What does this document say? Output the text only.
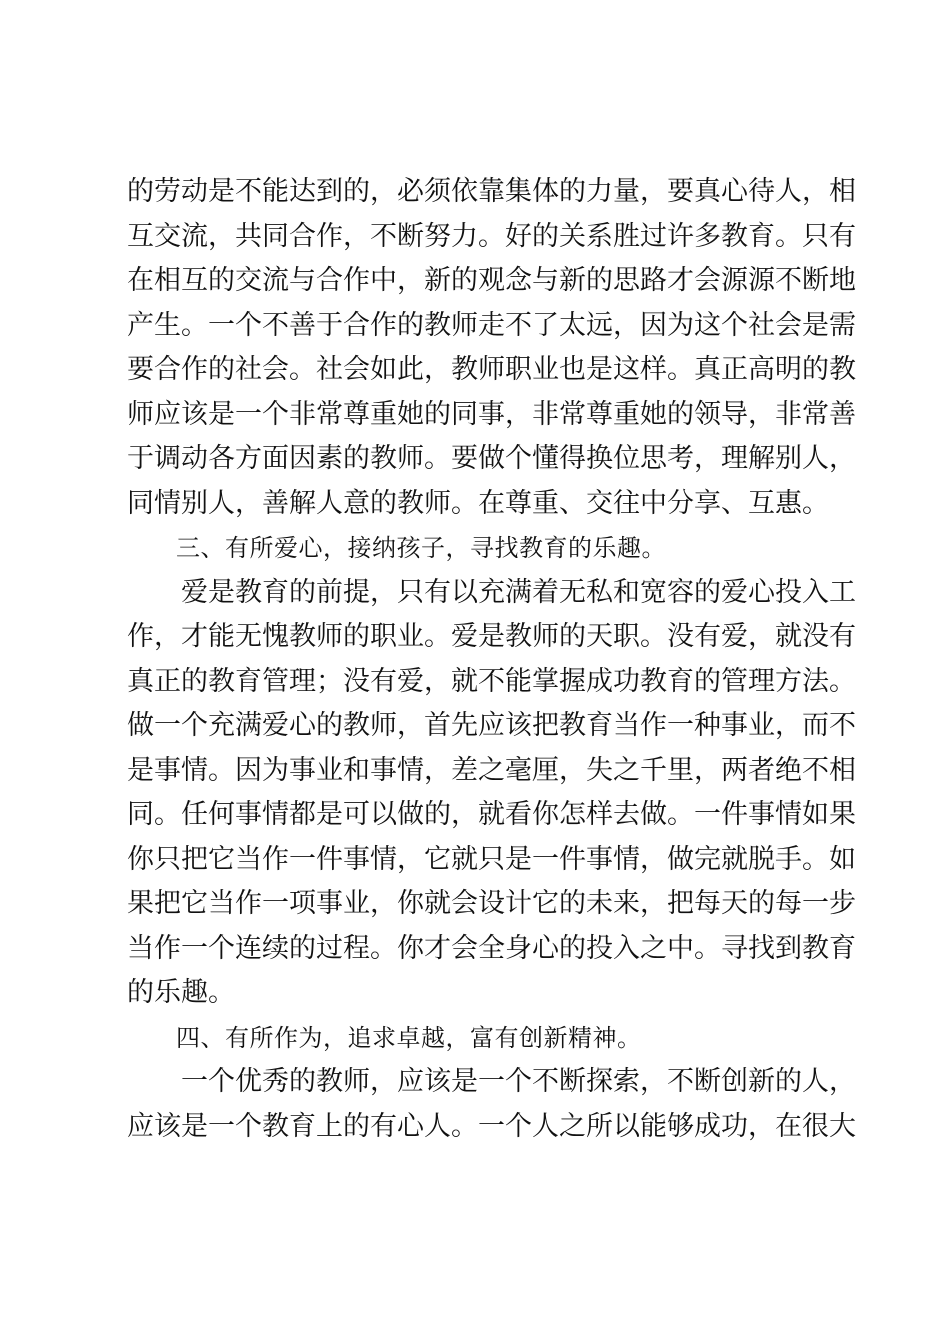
的劳动是不能达到的，必须依靠集体的力量，要真心待人，相
互交流，共同合作，不断努力。好的关系胜过许多教育。只有
在相互的交流与合作中，新的观念与新的思路才会源源不断地
产生。一个不善于合作的教师走不了太远，因为这个社会是需
要合作的社会。社会如此，教师职业也是这样。真正高明的教
师应该是一个非常尊重她的同事，非常尊重她的领导，非常善
于调动各方面因素的教师。要做个懂得换位思考，理解别人，
同情别人，善解人意的教师。在尊重、交往中分享、互惠。
　　三、有所爱心，接纳孩子，寻找教育的乐趣。
　　爱是教育的前提，只有以充满着无私和宽容的爱心投入工
作，才能无愧教师的职业。爱是教师的天职。没有爱，就没有
真正的教育管理；没有爱，就不能掌握成功教育的管理方法。
做一个充满爱心的教师，首先应该把教育当作一种事业，而不
是事情。因为事业和事情，差之毫厘，失之千里，两者绝不相
同。任何事情都是可以做的，就看你怎样去做。一件事情如果
你只把它当作一件事情，它就只是一件事情，做完就脱手。如
果把它当作一项事业，你就会设计它的未来，把每天的每一步
当作一个连续的过程。你才会全身心的投入之中。寻找到教育
的乐趣。
　　四、有所作为，追求卓越，富有创新精神。
　　一个优秀的教师，应该是一个不断探索，不断创新的人，
应该是一个教育上的有心人。一个人之所以能够成功，在很大
